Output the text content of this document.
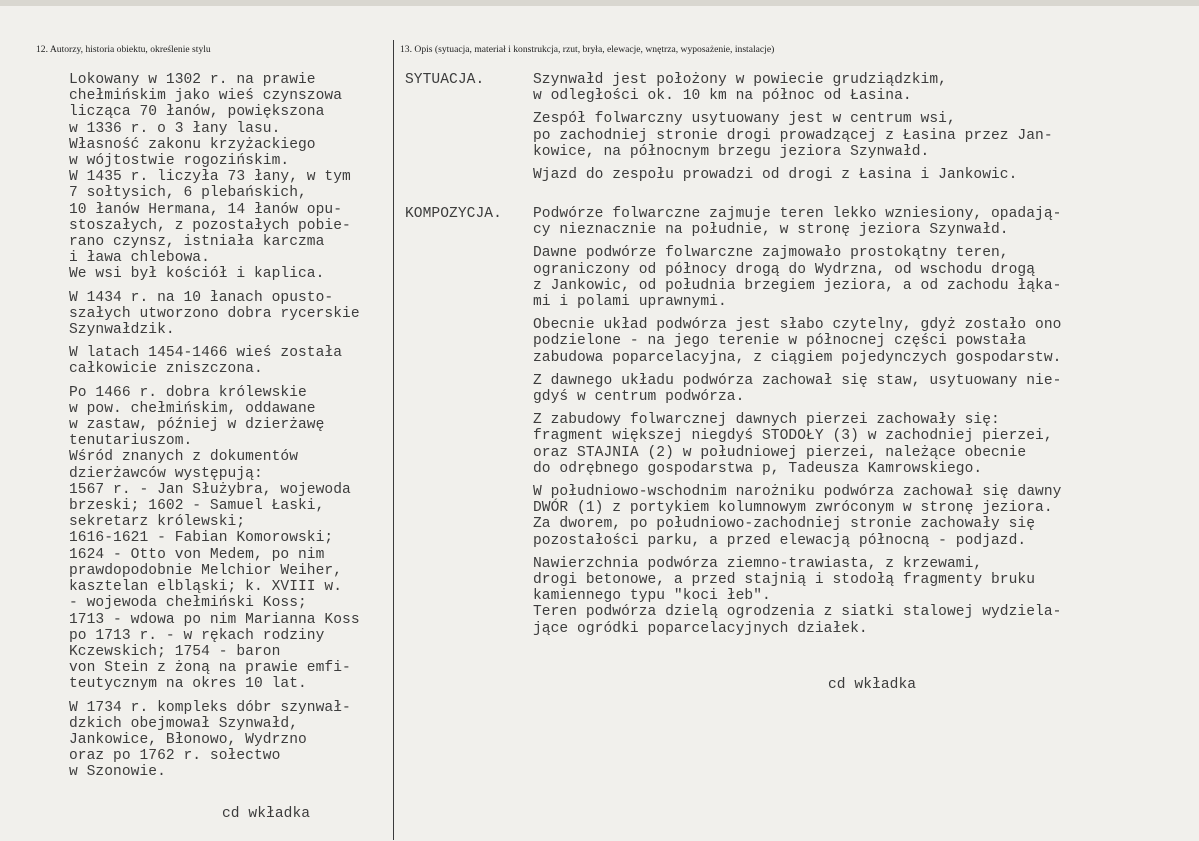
12. Autorzy, historia obiektu, określenie stylu	13. Opis (sytuacja, materiał i konstrukcja, rzut, bryła, elewacje, wnętrza, wyposażenie, instalacje)
Lokowany w 1302 r. na prawie
chełmińskim jako wieś czynszowa
licząca 70 łanów, powiększona
w 1336 r. o 3 łany lasu.
Własność zakonu krzyżackiego
w wójtostwie rogozińskim.
W 1435 r. liczyła 73 łany, w tym
7 sołtysich, 6 plebańskich,
10 łanów Hermana, 14 łanów opu-
stoszałych, z pozostałych pobie-
rano czynsz, istniała karczma
i ława chlebowa.
We wsi był kościół i kaplica.
W 1434 r. na 10 łanach opusto-
szałych utworzono dobra rycerskie
Szynwałdzik.
W latach 1454-1466 wieś została
całkowicie zniszczona.
Po 1466 r. dobra królewskie
w pow. chełmińskim, oddawane
w zastaw, później w dzierżawę
tenutariuszom.
Wśród znanych z dokumentów
dzierżawców występują:
1567 r. - Jan Służybra, wojewoda
brzeski; 1602 - Samuel Łaski,
sekretarz królewski;
1616-1621 - Fabian Komorowski;
1624 - Otto von Medem, po nim
prawdopodobnie Melchior Weiher,
kasztelan elbląski; k. XVIII w.
- wojewoda chełmiński Koss;
1713 - wdowa po nim Marianna Koss
po 1713 r. - w rękach rodziny
Kczewskich; 1754 - baron
von Stein z żoną na prawie emfi-
teutycznym na okres 10 lat.
W 1734 r. kompleks dóbr szynwał-
dzkich obejmował Szynwałd,
Jankowice, Błonowo, Wydrzno
oraz po 1762 r. sołectwo
w Szonowie.
cd wkładka
SYTUACJA.	Szynwałd jest położony w powiecie grudziądzkim,
w odległości ok. 10 km na północ od Łasina.
Zespół folwarczny usytuowany jest w centrum wsi,
po zachodniej stronie drogi prowadzącej z Łasina przez Jan-
kowice, na północnym brzegu jeziora Szynwałd.
Wjazd do zespołu prowadzi od drogi z Łasina i Jankowic.
KOMPOZYCJA. Podwórze folwarczne zajmuje teren lekko wzniesiony, opadają-
cy nieznacznie na południe, w stronę jeziora Szynwałd.
Dawne podwórze folwarczne zajmowało prostokątny teren,
ograniczony od północy drogą do Wydrzna, od wschodu drogą
z Jankowic, od południa brzegiem jeziora, a od zachodu łąka-
mi i polami uprawnymi.
Obecnie układ podwórza jest słabo czytelny, gdyż zostało ono
podzielone - na jego terenie w północnej części powstała
zabudowa poparcelacyjna, z ciągiem pojedynczych gospodarstw.
Z dawnego układu podwórza zachował się staw, usytuowany nie-
gdyś w centrum podwórza.
Z zabudowy folwarcznej dawnych pierzei zachowały się:
fragment większej niegdyś STODOŁY (3) w zachodniej pierzei,
oraz STAJNIA (2) w południowej pierzei, należące obecnie
do odrębnego gospodarstwa p, Tadeusza Kamrowskiego.
W południowo-wschodnim narożniku podwórza zachował się dawny
DWÓR (1) z portykiem kolumnowym zwróconym w stronę jeziora.
Za dworem, po południowo-zachodniej stronie zachowały się
pozostałości parku, a przed elewacją północną - podjazd.
Nawierzchnia podwórza ziemno-trawiasta, z krzewami,
drogi betonowe, a przed stajnią i stodołą fragmenty bruku
kamiennego typu "koci łeb".
Teren podwórza dzielą ogrodzenia z siatki stalowej wydziela-
jące ogródki poparcelacyjnych działek.
cd wkładka
